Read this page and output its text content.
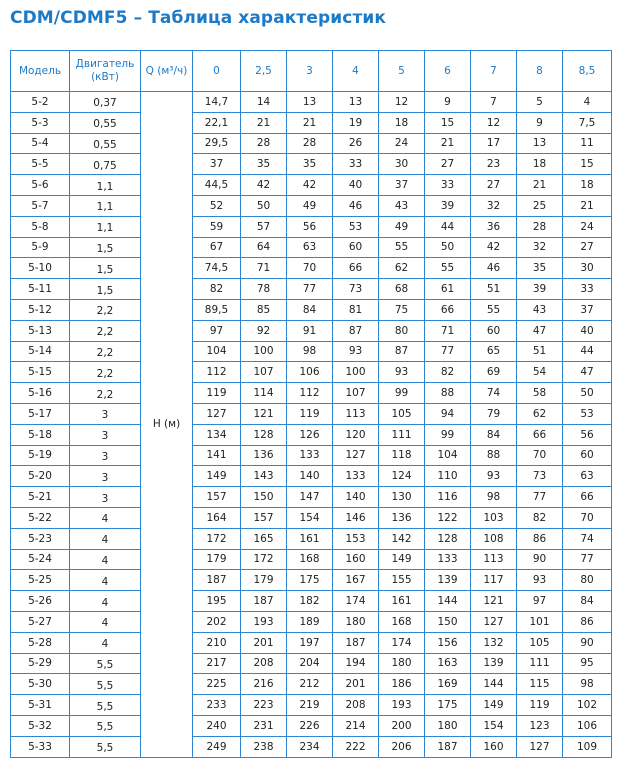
CDM/CDMF5 – Таблица характеристик
Модель	Двигатель (кВт)	Q (м³/ч)	0	2,5	3	4	5	6	7	8	8,5
5-2	0,37	H (м)	14,7	14	13	13	12	9	7	5	4
5-3	0,55		22,1	21	21	19	18	15	12	9	7,5
5-4	0,55		29,5	28	28	26	24	21	17	13	11
5-5	0,75		37	35	35	33	30	27	23	18	15
5-6	1,1		44,5	42	42	40	37	33	27	21	18
5-7	1,1		52	50	49	46	43	39	32	25	21
5-8	1,1		59	57	56	53	49	44	36	28	24
5-9	1,5		67	64	63	60	55	50	42	32	27
5-10	1,5		74,5	71	70	66	62	55	46	35	30
5-11	1,5		82	78	77	73	68	61	51	39	33
5-12	2,2		89,5	85	84	81	75	66	55	43	37
5-13	2,2		97	92	91	87	80	71	60	47	40
5-14	2,2		104	100	98	93	87	77	65	51	44
5-15	2,2		112	107	106	100	93	82	69	54	47
5-16	2,2		119	114	112	107	99	88	74	58	50
5-17	3		127	121	119	113	105	94	79	62	53
5-18	3		134	128	126	120	111	99	84	66	56
5-19	3		141	136	133	127	118	104	88	70	60
5-20	3		149	143	140	133	124	110	93	73	63
5-21	3		157	150	147	140	130	116	98	77	66
5-22	4		164	157	154	146	136	122	103	82	70
5-23	4		172	165	161	153	142	128	108	86	74
5-24	4		179	172	168	160	149	133	113	90	77
5-25	4		187	179	175	167	155	139	117	93	80
5-26	4		195	187	182	174	161	144	121	97	84
5-27	4		202	193	189	180	168	150	127	101	86
5-28	4		210	201	197	187	174	156	132	105	90
5-29	5,5		217	208	204	194	180	163	139	111	95
5-30	5,5		225	216	212	201	186	169	144	115	98
5-31	5,5		233	223	219	208	193	175	149	119	102
5-32	5,5		240	231	226	214	200	180	154	123	106
5-33	5,5		249	238	234	222	206	187	160	127	109
